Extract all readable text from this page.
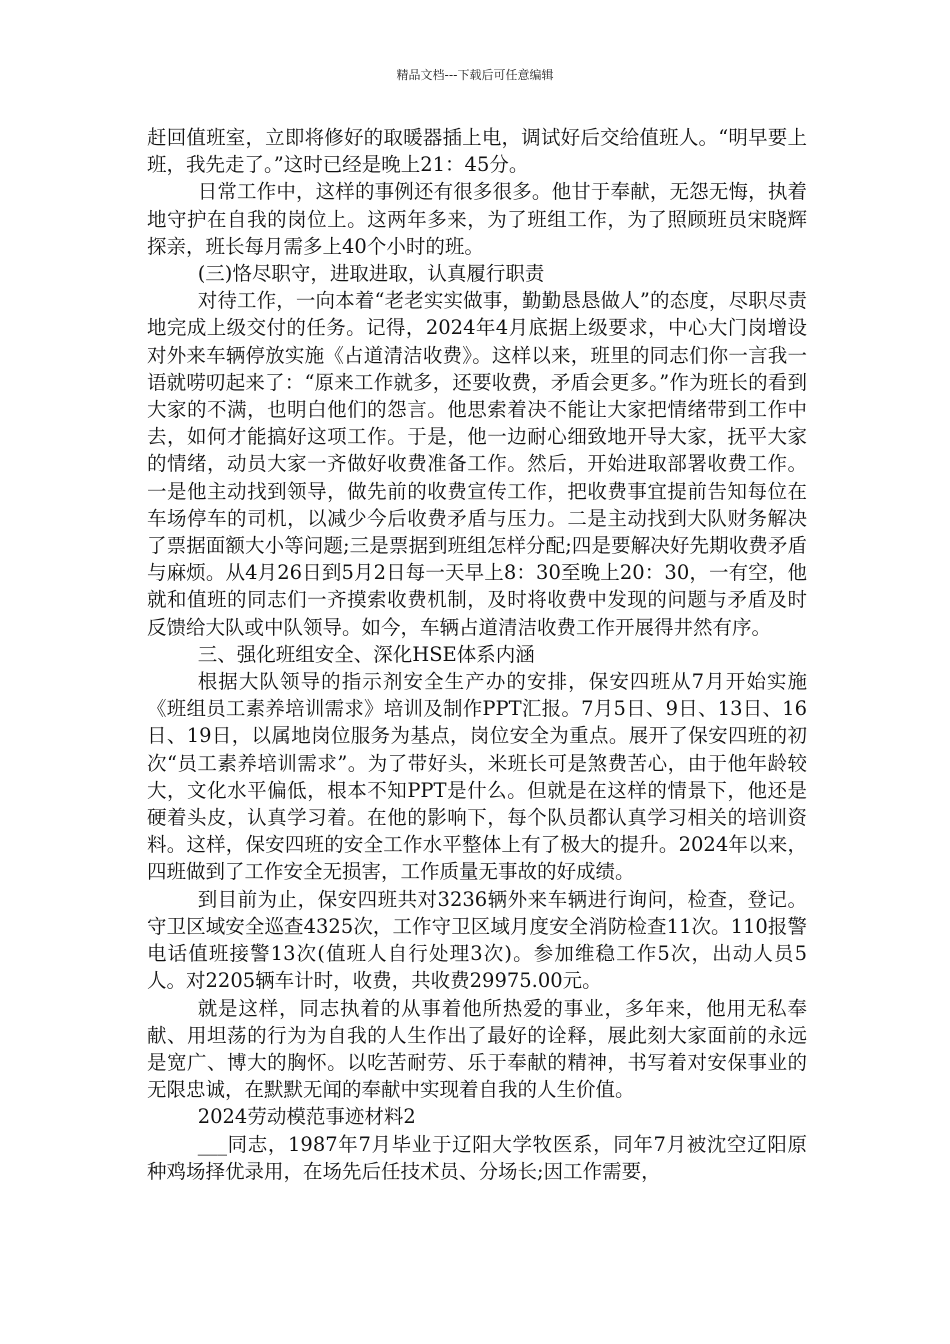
精品文档---下载后可任意编辑

赶回值班室，立即将修好的取暖器插上电，调试好后交给值班人。“明早要上班，我先走了。”这时已经是晚上21：45分。

日常工作中，这样的事例还有很多很多。他甘于奉献，无怨无悔，执着地守护在自我的岗位上。这两年多来，为了班组工作，为了照顾班员宋晓辉探亲，班长每月需多上40个小时的班。

(三)恪尽职守，进取进取，认真履行职责

对待工作，一向本着“老老实实做事，勤勤恳恳做人”的态度，尽职尽责地完成上级交付的任务。记得，2024年4月底据上级要求，中心大门岗增设对外来车辆停放实施《占道清洁收费》。这样以来，班里的同志们你一言我一语就唠叨起来了：“原来工作就多，还要收费，矛盾会更多。”作为班长的看到大家的不满，也明白他们的怨言。他思索着决不能让大家把情绪带到工作中去，如何才能搞好这项工作。于是，他一边耐心细致地开导大家，抚平大家的情绪，动员大家一齐做好收费准备工作。然后，开始进取部署收费工作。一是他主动找到领导，做先前的收费宣传工作，把收费事宜提前告知每位在车场停车的司机，以减少今后收费矛盾与压力。二是主动找到大队财务解决了票据面额大小等问题;三是票据到班组怎样分配;四是要解决好先期收费矛盾与麻烦。从4月26日到5月2日每一天早上8：30至晚上20：30，一有空，他就和值班的同志们一齐摸索收费机制，及时将收费中发现的问题与矛盾及时反馈给大队或中队领导。如今，车辆占道清洁收费工作开展得井然有序。

三、强化班组安全、深化HSE体系内涵

根据大队领导的指示剂安全生产办的安排，保安四班从7月开始实施《班组员工素养培训需求》培训及制作PPT汇报。7月5日、9日、13日、16日、19日，以属地岗位服务为基点，岗位安全为重点。展开了保安四班的初次“员工素养培训需求”。为了带好头，米班长可是煞费苦心，由于他年龄较大，文化水平偏低，根本不知PPT是什么。但就是在这样的情景下，他还是硬着头皮，认真学习着。在他的影响下，每个队员都认真学习相关的培训资料。这样，保安四班的安全工作水平整体上有了极大的提升。2024年以来，四班做到了工作安全无损害，工作质量无事故的好成绩。

到目前为止，保安四班共对3236辆外来车辆进行询问，检查，登记。守卫区域安全巡查4325次，工作守卫区域月度安全消防检查11次。110报警电话值班接警13次(值班人自行处理3次)。参加维稳工作5次，出动人员5人。对2205辆车计时，收费，共收费29975.00元。

就是这样，同志执着的从事着他所热爱的事业，多年来，他用无私奉献、用坦荡的行为为自我的人生作出了最好的诠释，展此刻大家面前的永远是宽广、博大的胸怀。以吃苦耐劳、乐于奉献的精神，书写着对安保事业的无限忠诚，在默默无闻的奉献中实现着自我的人生价值。

2024劳动模范事迹材料2

___同志，1987年7月毕业于辽阳大学牧医系，同年7月被沈空辽阳原种鸡场择优录用，在场先后任技术员、分场长;因工作需要，
